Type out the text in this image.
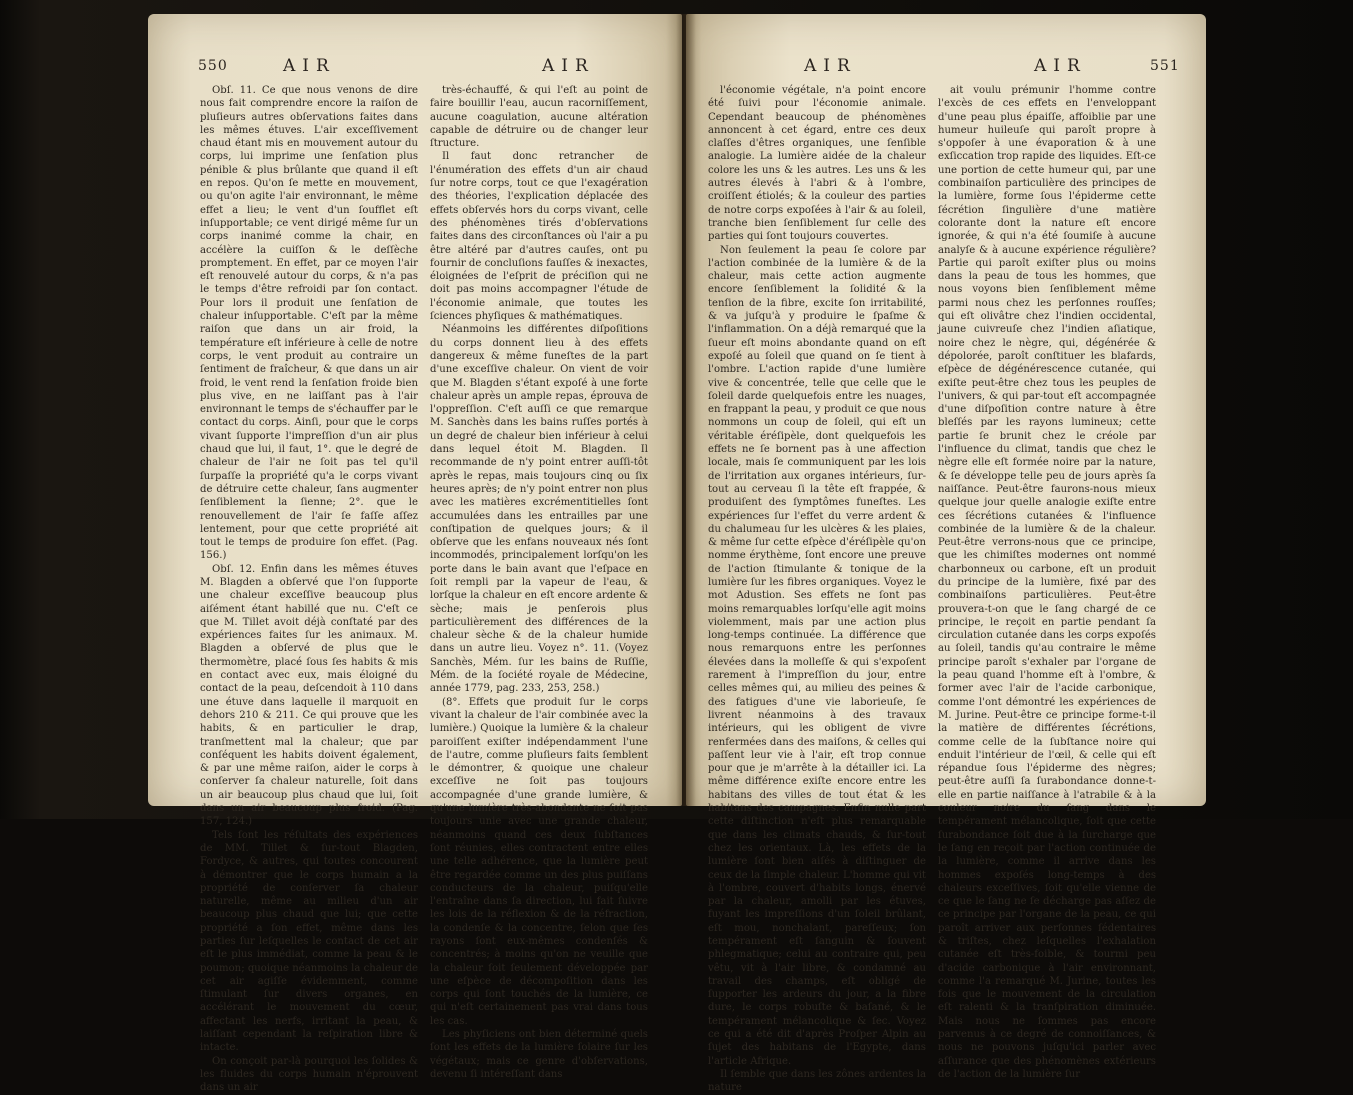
550	AIR	AIR

Obſ. 11. Ce que nous venons de dire nous fait comprendre encore la raiſon de pluſieurs autres obſervations faites dans les mêmes étuves. L'air exceſſivement chaud étant mis en mouvement autour du corps, lui imprime une ſenſation plus pénible & plus brûlante que quand il eſt en repos. Qu'on ſe mette en mouvement, ou qu'on agite l'air environnant, le même effet a lieu; le vent d'un ſoufflet eſt inſupportable; ce vent dirigé même ſur un corps inanimé comme la chair, en accélère la cuiſſon & le deſſèche promptement. En effet, par ce moyen l'air eſt renouvelé autour du corps, & n'a pas le temps d'être refroidi par ſon contact. Pour lors il produit une ſenſation de chaleur inſupportable. C'eſt par la même raiſon que dans un air froid, la température eſt inférieure à celle de notre corps, le vent produit au contraire un ſentiment de fraîcheur, & que dans un air froid, le vent rend la ſenſation froide bien plus vive, en ne laiſſant pas à l'air environnant le temps de s'échauffer par le contact du corps. Ainſi, pour que le corps vivant ſupporte l'impreſſion d'un air plus chaud que lui, il faut, 1°. que le degré de chaleur de l'air ne ſoit pas tel qu'il ſurpaſſe la propriété qu'a le corps vivant de détruire cette chaleur, ſans augmenter ſenſiblement la ſienne; 2°. que le renouvellement de l'air ſe faſſe aſſez lentement, pour que cette propriété ait tout le temps de produire ſon effet. (Pag. 156.)

Obſ. 12. Enfin dans les mêmes étuves M. Blagden a obſervé que l'on ſupporte une chaleur exceſſive beaucoup plus aiſément étant habillé que nu. C'eſt ce que M. Tillet avoit déjà conſtaté par des expériences faites ſur les animaux. M. Blagden a obſervé de plus que le thermomètre, placé ſous ſes habits & mis en contact avec eux, mais éloigné du contact de la peau, deſcendoit à 110 dans une étuve dans laquelle il marquoit en dehors 210 & 211. Ce qui prouve que les habits, & en particulier le drap, tranſmettent mal la chaleur; que par conſéquent les habits doivent également, & par une même raiſon, aider le corps à conſerver ſa chaleur naturelle, ſoit dans un air beaucoup plus chaud que lui, ſoit dans un air beaucoup plus froid. (Pag. 157, 124.)

Tels ſont les réſultats des expériences de MM. Tillet & ſur-tout Blagden, Fordyce, & autres, qui toutes concourent à démontrer que le corps humain a la propriété de conſerver ſa chaleur naturelle, même au milieu d'un air beaucoup plus chaud que lui; que cette propriété a ſon effet, même dans les parties ſur leſquelles le contact de cet air eſt le plus immédiat, comme la peau & le poumon; quoique néanmoins la chaleur de cet air agiſſe évidemment, comme ſtimulant ſur divers organes, en accélérant le mouvement du cœur, affectant les nerfs, irritant la peau, & laiſſant cependant la reſpiration libre & intacte.

On conçoit par-là pourquoi les ſolides & les fluides du corps humain n'éprouvent dans un air

très-échauffé, & qui l'eſt au point de faire bouillir l'eau, aucun racorniſſement, aucune coagulation, aucune altération capable de détruire ou de changer leur ſtructure.

Il faut donc retrancher de l'énumération des effets d'un air chaud ſur notre corps, tout ce que l'exagération des théories, l'explication déplacée des effets obſervés hors du corps vivant, celle des phénomènes tirés d'obſervations faites dans des circonſtances où l'air a pu être altéré par d'autres cauſes, ont pu fournir de concluſions fauſſes & inexactes, éloignées de l'eſprit de préciſion qui ne doit pas moins accompagner l'étude de l'économie animale, que toutes les ſciences phyſiques & mathématiques.

Néanmoins les différentes diſpoſitions du corps donnent lieu à des effets dangereux & même funeſtes de la part d'une exceſſive chaleur. On vient de voir que M. Blagden s'étant expoſé à une forte chaleur après un ample repas, éprouva de l'oppreſſion. C'eſt auſſi ce que remarque M. Sanchès dans les bains ruſſes portés à un degré de chaleur bien inférieur à celui dans lequel étoit M. Blagden. Il recommande de n'y point entrer auſſi-tôt après le repas, mais toujours cinq ou ſix heures après; de n'y point entrer non plus avec les matières excrémentitielles ſont accumulées dans les entrailles par une conſtipation de quelques jours; & il obſerve que les enfans nouveaux nés ſont incommodés, principalement lorſqu'on les porte dans le bain avant que l'eſpace en ſoit rempli par la vapeur de l'eau, & lorſque la chaleur en eſt encore ardente & sèche; mais je penſerois plus particulièrement des différences de la chaleur sèche & de la chaleur humide dans un autre lieu. Voyez n°. 11. (Voyez Sanchès, Mém. ſur les bains de Ruſſie, Mém. de la ſociété royale de Médecine, année 1779, pag. 233, 253, 258.)

(8°. Effets que produit ſur le corps vivant la chaleur de l'air combinée avec la lumière.) Quoique la lumière & la chaleur paroiſſent exiſter indépendamment l'une de l'autre, comme pluſieurs faits ſemblent le démontrer, & quoique une chaleur exceſſive ne ſoit pas toujours accompagnée d'une grande lumière, & qu'une lumière très-abondante ne ſoit pas toujours unie avec une grande chaleur, néanmoins quand ces deux ſubſtances ſont réunies, elles contractent entre elles une telle adhérence, que la lumière peut être regardée comme un des plus puiſſans conducteurs de la chaleur, puiſqu'elle l'entraîne dans ſa direction, lui fait ſuivre les lois de la réflexion & de la réfraction, la condenſe & la concentre, ſelon que ſes rayons ſont eux-mêmes condenſés & concentrés; à moins qu'on ne veuille que la chaleur ſoit ſeulement développée par une eſpèce de décompoſition dans les corps qui ſont touchés de la lumière, ce qui n'eſt certainement pas vrai dans tous les cas.

Les phyſiciens ont bien déterminé quels ſont les effets de la lumière ſolaire ſur les végétaux; mais ce genre d'obſervations, devenu ſi intéreſſant dans

AIR	AIR	551

l'économie végétale, n'a point encore été ſuivi pour l'économie animale. Cependant beaucoup de phénomènes annoncent à cet égard, entre ces deux claſſes d'êtres organiques, une ſenſible analogie. La lumière aidée de la chaleur colore les uns & les autres. Les uns & les autres élevés à l'abri & à l'ombre, croiſſent étiolés; & la couleur des parties de notre corps expoſées à l'air & au ſoleil, tranche bien ſenſiblement ſur celle des parties qui ſont toujours couvertes.

Non ſeulement la peau ſe colore par l'action combinée de la lumière & de la chaleur, mais cette action augmente encore ſenſiblement la ſolidité & la tenſion de la fibre, excite ſon irritabilité, & va juſqu'à y produire le ſpaſme & l'inflammation. On a déjà remarqué que la ſueur eſt moins abondante quand on eſt expoſé au ſoleil que quand on ſe tient à l'ombre. L'action rapide d'une lumière vive & concentrée, telle que celle que le ſoleil darde quelquefois entre les nuages, en frappant la peau, y produit ce que nous nommons un coup de ſoleil, qui eſt un véritable éréſipèle, dont quelquefois les effets ne ſe bornent pas à une affection locale, mais ſe communiquent par les lois de l'irritation aux organes intérieurs, ſur-tout au cerveau ſi la tête eſt frappée, & produiſent des ſymptômes funeſtes. Les expériences ſur l'effet du verre ardent & du chalumeau ſur les ulcères & les plaies, & même ſur cette eſpèce d'éréſipèle qu'on nomme érythème, ſont encore une preuve de l'action ſtimulante & tonique de la lumière ſur les fibres organiques. Voyez le mot Adustion. Ses effets ne ſont pas moins remarquables lorſqu'elle agit moins violemment, mais par une action plus long-temps continuée. La différence que nous remarquons entre les perſonnes élevées dans la molleſſe & qui s'expoſent rarement à l'impreſſion du jour, entre celles mêmes qui, au milieu des peines & des fatigues d'une vie laborieuſe, ſe livrent néanmoins à des travaux intérieurs, qui les obligent de vivre renfermées dans des maiſons, & celles qui paſſent leur vie à l'air, eſt trop connue pour que je m'arrête à la détailler ici. La même différence exiſte encore entre les habitans des villes de tout état & les habitans des campagnes. Enfin nulle part cette diſtinction n'eſt plus remarquable que dans les climats chauds, & ſur-tout chez les orientaux. Là, les effets de la lumière ſont bien aiſés à diſtinguer de ceux de la ſimple chaleur. L'homme qui vit à l'ombre, couvert d'habits longs, énervé par la chaleur, amolli par les étuves, fuyant les impreſſions d'un ſoleil brûlant, eſt mou, nonchalant, pareſſeux; ſon tempérament eſt ſanguin & ſouvent phlegmatique; celui au contraire qui, peu vêtu, vit à l'air libre, & condamné au travail des champs, eſt obligé de ſupporter les ardeurs du jour, a la fibre dure, le corps robuſte & baſané, & le tempérament mélancolique & ſec. Voyez ce qui a été dit d'après Proſper Alpin au ſujet des habitans de l'Egypte, dans l'article Afrique.

Il ſemble que dans les zônes ardentes la nature

ait voulu prémunir l'homme contre l'excès de ces effets en l'enveloppant d'une peau plus épaiſſe, affoiblie par une humeur huileuſe qui paroît propre à s'oppoſer à une évaporation & à une exſiccation trop rapide des liquides. Eſt-ce une portion de cette humeur qui, par une combinaiſon particulière des principes de la lumière, forme ſous l'épiderme cette ſécrétion ſingulière d'une matière colorante dont la nature eſt encore ignorée, & qui n'a été ſoumiſe à aucune analyſe & à aucune expérience régulière? Partie qui paroît exiſter plus ou moins dans la peau de tous les hommes, que nous voyons bien ſenſiblement même parmi nous chez les perſonnes rouſſes; qui eſt olivâtre chez l'indien occidental, jaune cuivreuſe chez l'indien aſiatique, noire chez le nègre, qui, dégénérée & dépolorée, paroît conſtituer les blafards, eſpèce de dégénérescence cutanée, qui exiſte peut-être chez tous les peuples de l'univers, & qui par-tout eſt accompagnée d'une diſpoſition contre nature à être bleſſés par les rayons lumineux; cette partie ſe brunit chez le créole par l'influence du climat, tandis que chez le nègre elle eſt formée noire par la nature, & ſe développe telle peu de jours après ſa naiſſance. Peut-être faurons-nous mieux quelque jour quelle analogie exiſte entre ces ſécrétions cutanées & l'influence combinée de la lumière & de la chaleur. Peut-être verrons-nous que ce principe, que les chimiſtes modernes ont nommé charbonneux ou carbone, eſt un produit du principe de la lumière, fixé par des combinaiſons particulières. Peut-être prouvera-t-on que le ſang chargé de ce principe, le reçoit en partie pendant ſa circulation cutanée dans les corps expoſés au ſoleil, tandis qu'au contraire le même principe paroît s'exhaler par l'organe de la peau quand l'homme eſt à l'ombre, & former avec l'air de l'acide carbonique, comme l'ont démontré les expériences de M. Jurine. Peut-être ce principe forme-t-il la matière de différentes ſécrétions, comme celle de la ſubſtance noire qui enduit l'intérieur de l'œil, & celle qui eſt répandue ſous l'épiderme des nègres; peut-être auſſi ſa ſurabondance donne-t-elle en partie naiſſance à l'atrabile & à la couleur noire du ſang dans le tempérament mélancolique, ſoit que cette ſurabondance ſoit due à la ſurcharge que le ſang en reçoit par l'action continuée de la lumière, comme il arrive dans les hommes expoſés long-temps à des chaleurs exceſſives, ſoit qu'elle vienne de ce que le ſang ne ſe décharge pas aſſez de ce principe par l'organe de la peau, ce qui paroît arriver aux perſonnes ſédentaires & triſtes, chez leſquelles l'exhalation cutanée eſt très-foible, & tourmi peu d'acide carbonique à l'air environnant, comme l'a remarqué M. Jurine, toutes les fois que le mouvement de la circulation eſt ralenti & la tranſpiration diminuée. Mais nous ne ſommes pas encore parvenus à ce degré de connoiſſances, & nous ne pouvons juſqu'ici parler avec aſſurance que des phénomènes extérieurs de l'action de la lumière ſur
